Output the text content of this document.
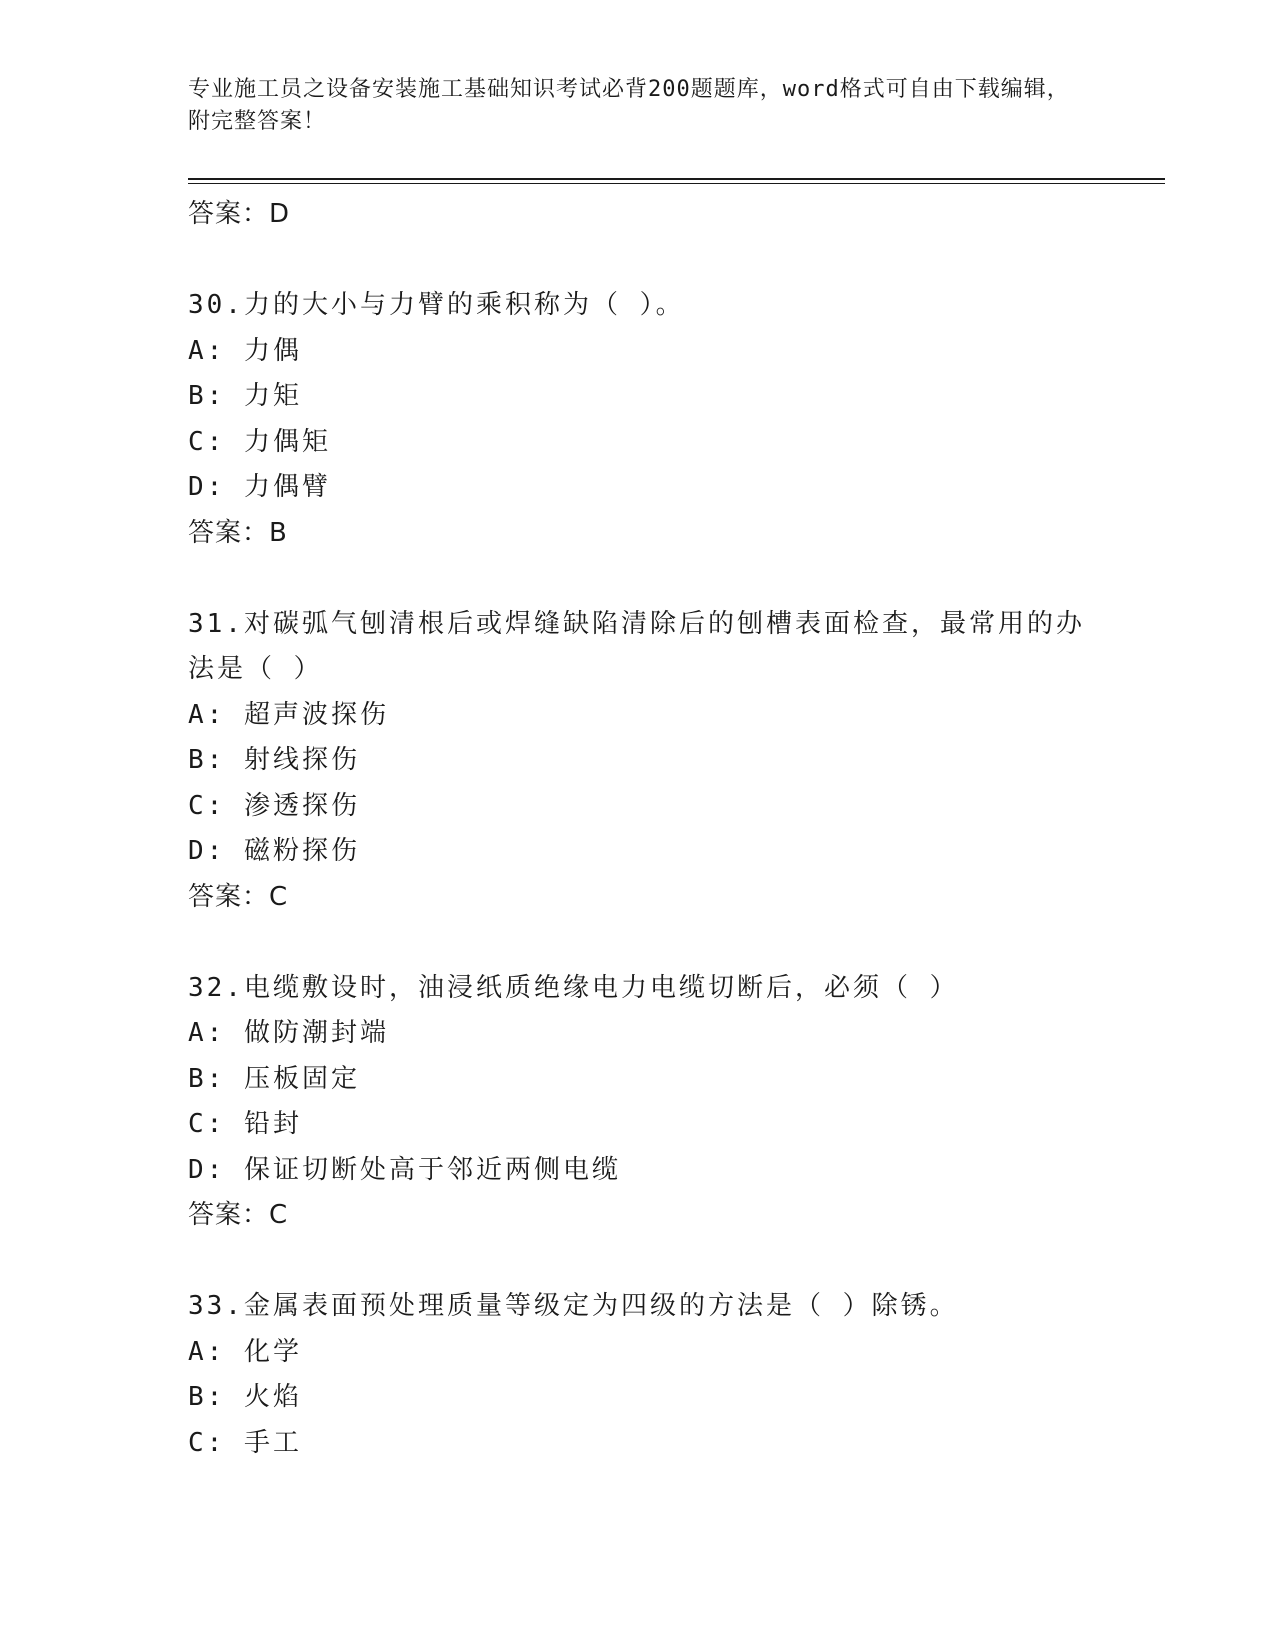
专业施工员之设备安装施工基础知识考试必背200题题库，word格式可自由下载编辑，附完整答案！
答案：D
30.力的大小与力臂的乘积称为（ ）。
A: 力偶
B: 力矩
C: 力偶矩
D: 力偶臂
答案：B
31.对碳弧气刨清根后或焊缝缺陷清除后的刨槽表面检查，最常用的办法是（ ）
A: 超声波探伤
B: 射线探伤
C: 渗透探伤
D: 磁粉探伤
答案：C
32.电缆敷设时，油浸纸质绝缘电力电缆切断后，必须（ ）
A: 做防潮封端
B: 压板固定
C: 铅封
D: 保证切断处高于邻近两侧电缆
答案：C
33.金属表面预处理质量等级定为四级的方法是（ ）除锈。
A: 化学
B: 火焰
C: 手工
